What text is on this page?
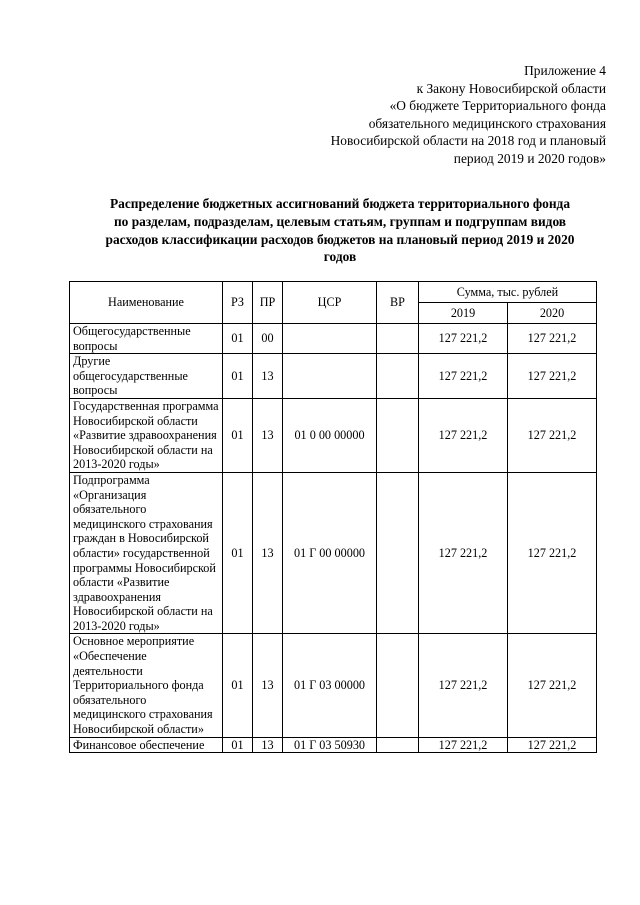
Приложение 4
к Закону Новосибирской области
«О бюджете Территориального фонда
обязательного медицинского страхования
Новосибирской области на 2018 год и плановый
период 2019 и 2020 годов»
Распределение бюджетных ассигнований бюджета территориального фонда
по разделам, подразделам, целевым статьям, группам и подгруппам видов
расходов классификации расходов бюджетов на плановый период 2019 и 2020
годов
Наименование	РЗ	ПР	ЦСР	ВР	Сумма, тыс. рублей	
					2019	2020
Общегосударственные вопросы	01	00			127 221,2	127 221,2
Другие общегосударственные вопросы	01	13			127 221,2	127 221,2
Государственная программа Новосибирской области «Развитие здравоохранения Новосибирской области на 2013-2020 годы»	01	13	01 0 00 00000		127 221,2	127 221,2
Подпрограмма «Организация обязательного медицинского страхования граждан в Новосибирской области» государственной программы Новосибирской области «Развитие здравоохранения Новосибирской области на 2013-2020 годы»	01	13	01 Г 00 00000		127 221,2	127 221,2
Основное мероприятие «Обеспечение деятельности Территориального фонда обязательного медицинского страхования Новосибирской области»	01	13	01 Г 03 00000		127 221,2	127 221,2
Финансовое обеспечение	01	13	01 Г 03 50930		127 221,2	127 221,2
